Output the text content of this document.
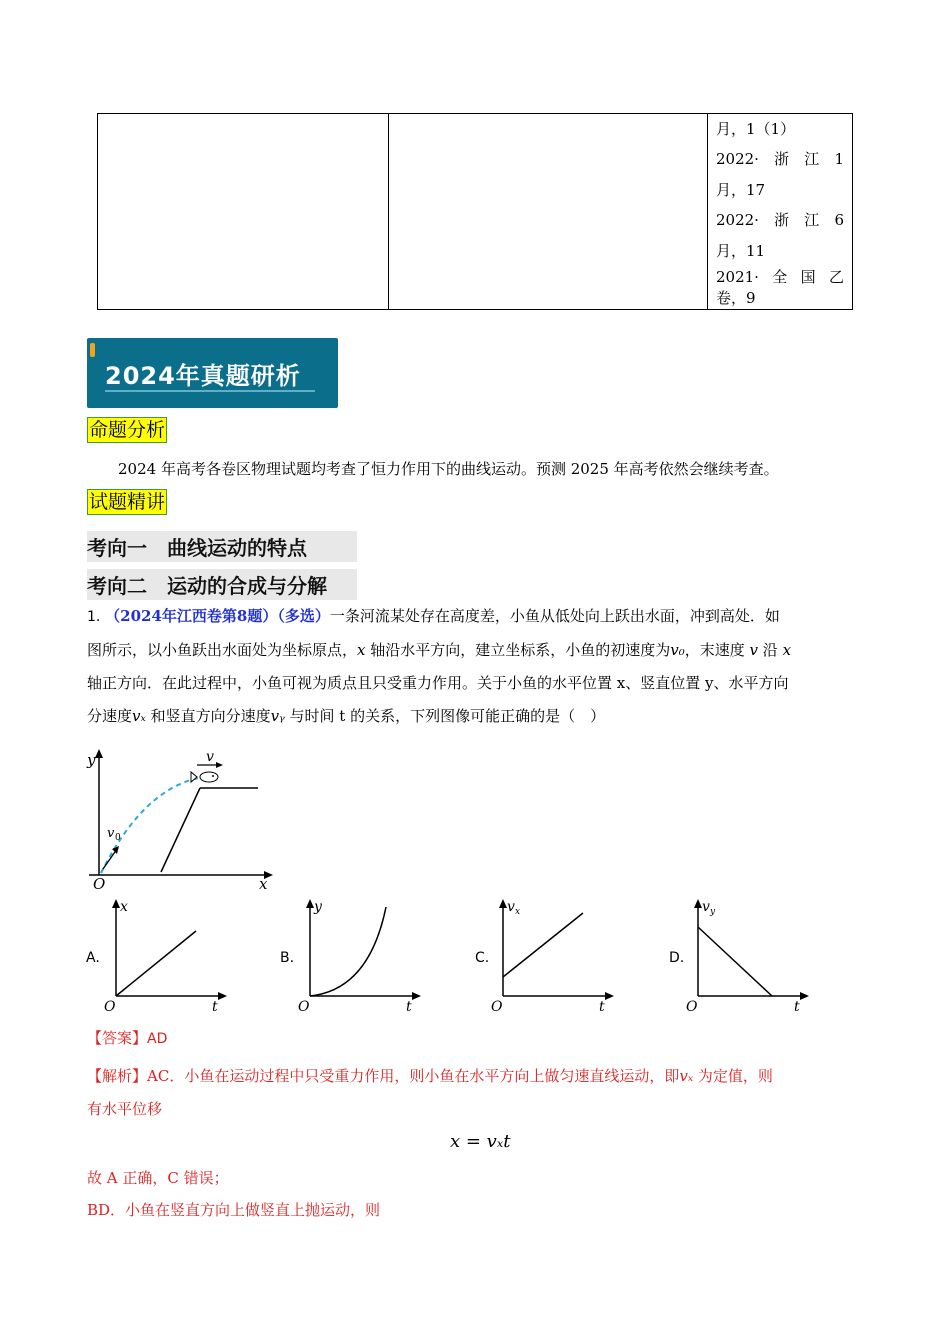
月，1（1）
2022· 浙 江 1
月，17
2022· 浙 江 6
月，11
2021· 全 国 乙
卷，9
2024年真题研析
命题分析
2024 年高考各卷区物理试题均考查了恒力作用下的曲线运动。预测 2025 年高考依然会继续考查。
试题精讲
考向一　曲线运动的特点
考向二　运动的合成与分解
1. （2024年江西卷第8题）（多选）一条河流某处存在高度差，小鱼从低处向上跃出水面，冲到高处．如
图所示，以小鱼跃出水面处为坐标原点，x 轴沿水平方向，建立坐标系，小鱼的初速度为v₀，末速度 v 沿 x
轴正方向．在此过程中，小鱼可视为质点且只受重力作用。关于小鱼的水平位置 x、竖直位置 y、水平方向
分速度vₓ 和竖直方向分速度vᵧ 与时间 t 的关系，下列图像可能正确的是（　）
y
x
O
v 0
v
A.	B.	C.	D.
x
O	t
y
O	t
v x
O	t
v y
O	t
【答案】AD
【解析】AC．小鱼在运动过程中只受重力作用，则小鱼在水平方向上做匀速直线运动，即vₓ 为定值，则
有水平位移
x = vₓt
故 A 正确，C 错误；
BD．小鱼在竖直方向上做竖直上抛运动，则
